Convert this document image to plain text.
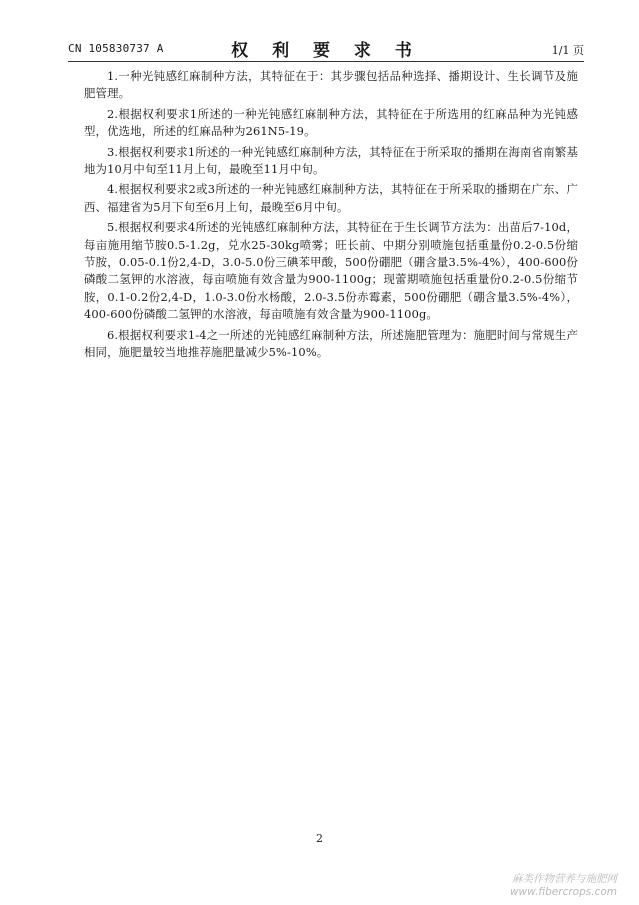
CN 105830737 A	权 利 要 求 书	1/1 页

1.一种光钝感红麻制种方法，其特征在于：其步骤包括品种选择、播期设计、生长调节及施肥管理。

2.根据权利要求1所述的一种光钝感红麻制种方法，其特征在于所选用的红麻品种为光钝感型，优选地，所述的红麻品种为261N5-19。

3.根据权利要求1所述的一种光钝感红麻制种方法，其特征在于所采取的播期在海南省南繁基地为10月中旬至11月上旬，最晚至11月中旬。

4.根据权利要求2或3所述的一种光钝感红麻制种方法，其特征在于所采取的播期在广东、广西、福建省为5月下旬至6月上旬，最晚至6月中旬。

5.根据权利要求4所述的光钝感红麻制种方法，其特征在于生长调节方法为：出苗后7-10d，每亩施用缩节胺0.5-1.2g，兑水25-30kg喷雾；旺长前、中期分别喷施包括重量份0.2-0.5份缩节胺，0.05-0.1份2,4-D，3.0-5.0份三碘苯甲酸，500份硼肥（硼含量3.5%-4%），400-600份磷酸二氢钾的水溶液，每亩喷施有效含量为900-1100g；现蕾期喷施包括重量份0.2-0.5份缩节胺，0.1-0.2份2,4-D，1.0-3.0份水杨酸，2.0-3.5份赤霉素，500份硼肥（硼含量3.5%-4%），400-600份磷酸二氢钾的水溶液，每亩喷施有效含量为900-1100g。

6.根据权利要求1-4之一所述的光钝感红麻制种方法，所述施肥管理为：施肥时间与常规生产相同，施肥量较当地推荐施肥量减少5%-10%。

2
麻类作物营养与施肥网
www.fibercrops.com
